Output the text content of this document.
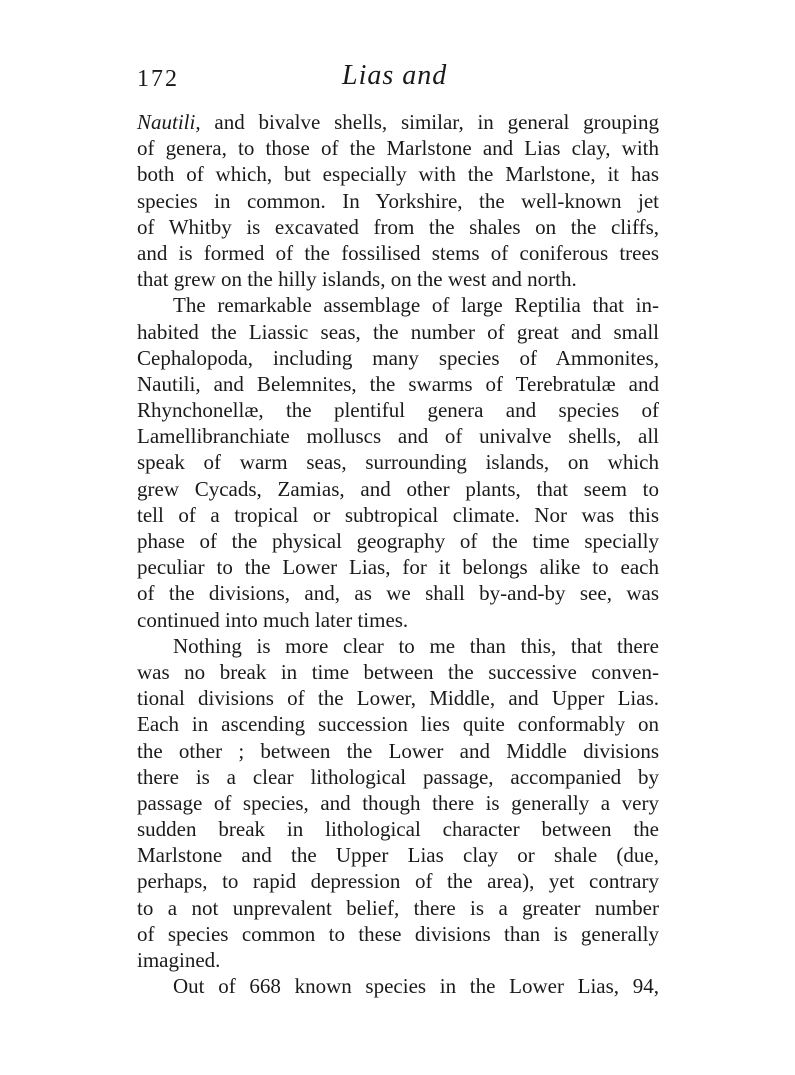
172	Lias and
Nautili, and bivalve shells, similar, in general grouping
of genera, to those of the Marlstone and Lias clay, with
both of which, but especially with the Marlstone, it has
species in common. In Yorkshire, the well-known jet
of Whitby is excavated from the shales on the cliffs,
and is formed of the fossilised stems of coniferous trees
that grew on the hilly islands, on the west and north.
The remarkable assemblage of large Reptilia that in-
habited the Liassic seas, the number of great and small
Cephalopoda, including many species of Ammonites,
Nautili, and Belemnites, the swarms of Terebratulæ and
Rhynchonellæ, the plentiful genera and species of
Lamellibranchiate molluscs and of univalve shells, all
speak of warm seas, surrounding islands, on which
grew Cycads, Zamias, and other plants, that seem to
tell of a tropical or subtropical climate. Nor was this
phase of the physical geography of the time specially
peculiar to the Lower Lias, for it belongs alike to each
of the divisions, and, as we shall by-and-by see, was
continued into much later times.
Nothing is more clear to me than this, that there
was no break in time between the successive conven-
tional divisions of the Lower, Middle, and Upper Lias.
Each in ascending succession lies quite conformably on
the other ; between the Lower and Middle divisions
there is a clear lithological passage, accompanied by
passage of species, and though there is generally a very
sudden break in lithological character between the
Marlstone and the Upper Lias clay or shale (due,
perhaps, to rapid depression of the area), yet contrary
to a not unprevalent belief, there is a greater number
of species common to these divisions than is generally
imagined.
Out of 668 known species in the Lower Lias, 94,
